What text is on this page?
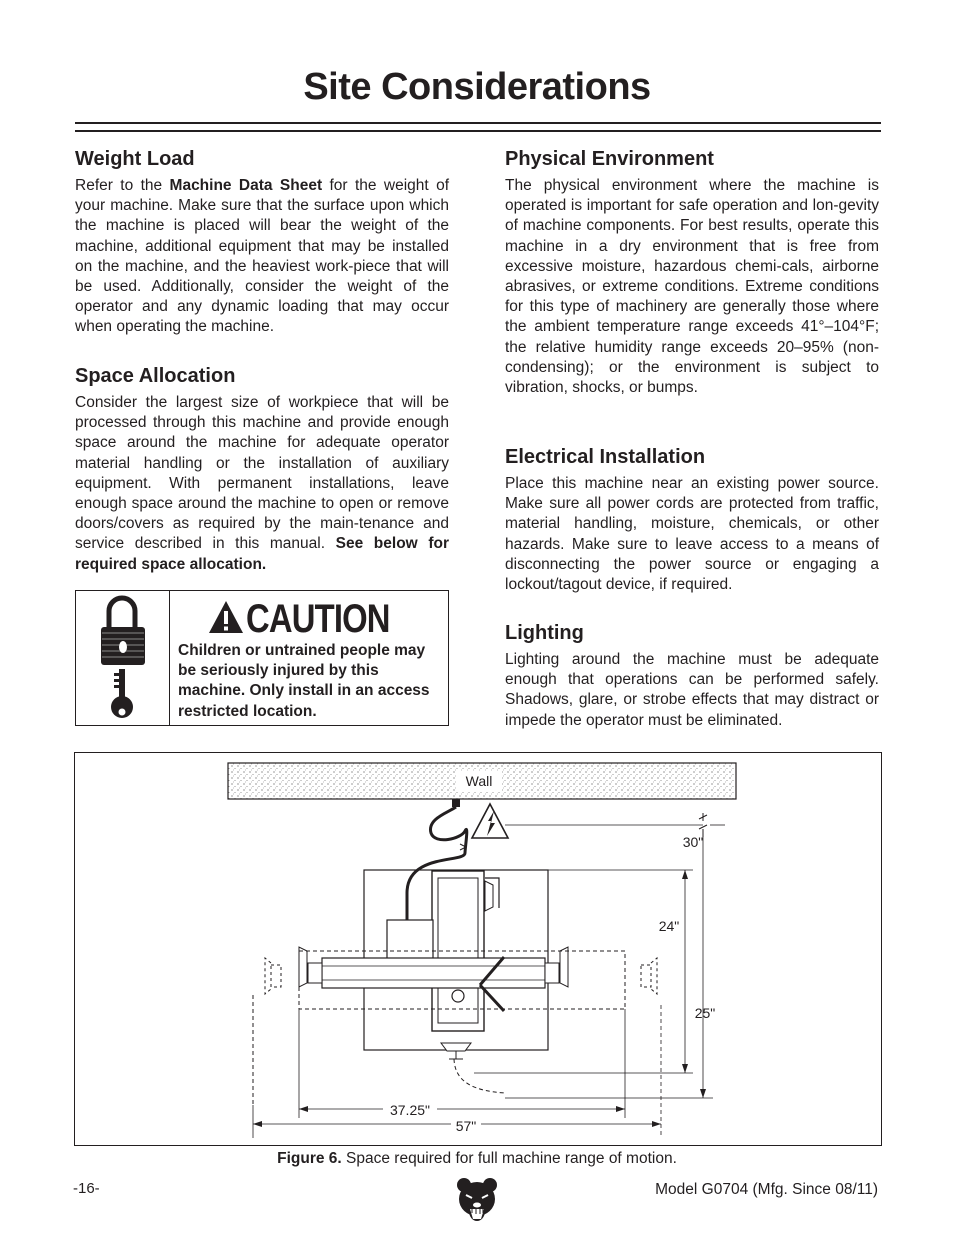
Site Considerations
Weight Load
Refer to the Machine Data Sheet for the weight of your machine. Make sure that the surface upon which the machine is placed will bear the weight of the machine, additional equipment that may be installed on the machine, and the heaviest work-piece that will be used. Additionally, consider the weight of the operator and any dynamic loading that may occur when operating the machine.
Space Allocation
Consider the largest size of workpiece that will be processed through this machine and provide enough space around the machine for adequate operator material handling or the installation of auxiliary equipment. With permanent installations, leave enough space around the machine to open or remove doors/covers as required by the main-tenance and service described in this manual. See below for required space allocation.
CAUTION
Children or untrained people may be seriously injured by this machine. Only install in an access restricted location.
Physical Environment
The physical environment where the machine is operated is important for safe operation and lon-gevity of machine components. For best results, operate this machine in a dry environment that is free from excessive moisture, hazardous chemi-cals, airborne abrasives, or extreme conditions. Extreme conditions for this type of machinery are generally those where the ambient temperature range exceeds 41°–104°F; the relative humidity range exceeds 20–95% (non-condensing); or the environment is subject to vibration, shocks, or bumps.
Electrical Installation
Place this machine near an existing power source. Make sure all power cords are protected from traffic, material handling, moisture, chemicals, or other hazards. Make sure to leave access to a means of disconnecting the power source or engaging a lockout/tagout device, if required.
Lighting
Lighting around the machine must be adequate enough that operations can be performed safely. Shadows, glare, or strobe effects that may distract or impede the operator must be eliminated.
Wall
30"
24"
25"
37.25"
57"
Figure 6. Space required for full machine range of motion.
-16-	Model G0704 (Mfg. Since 08/11)
